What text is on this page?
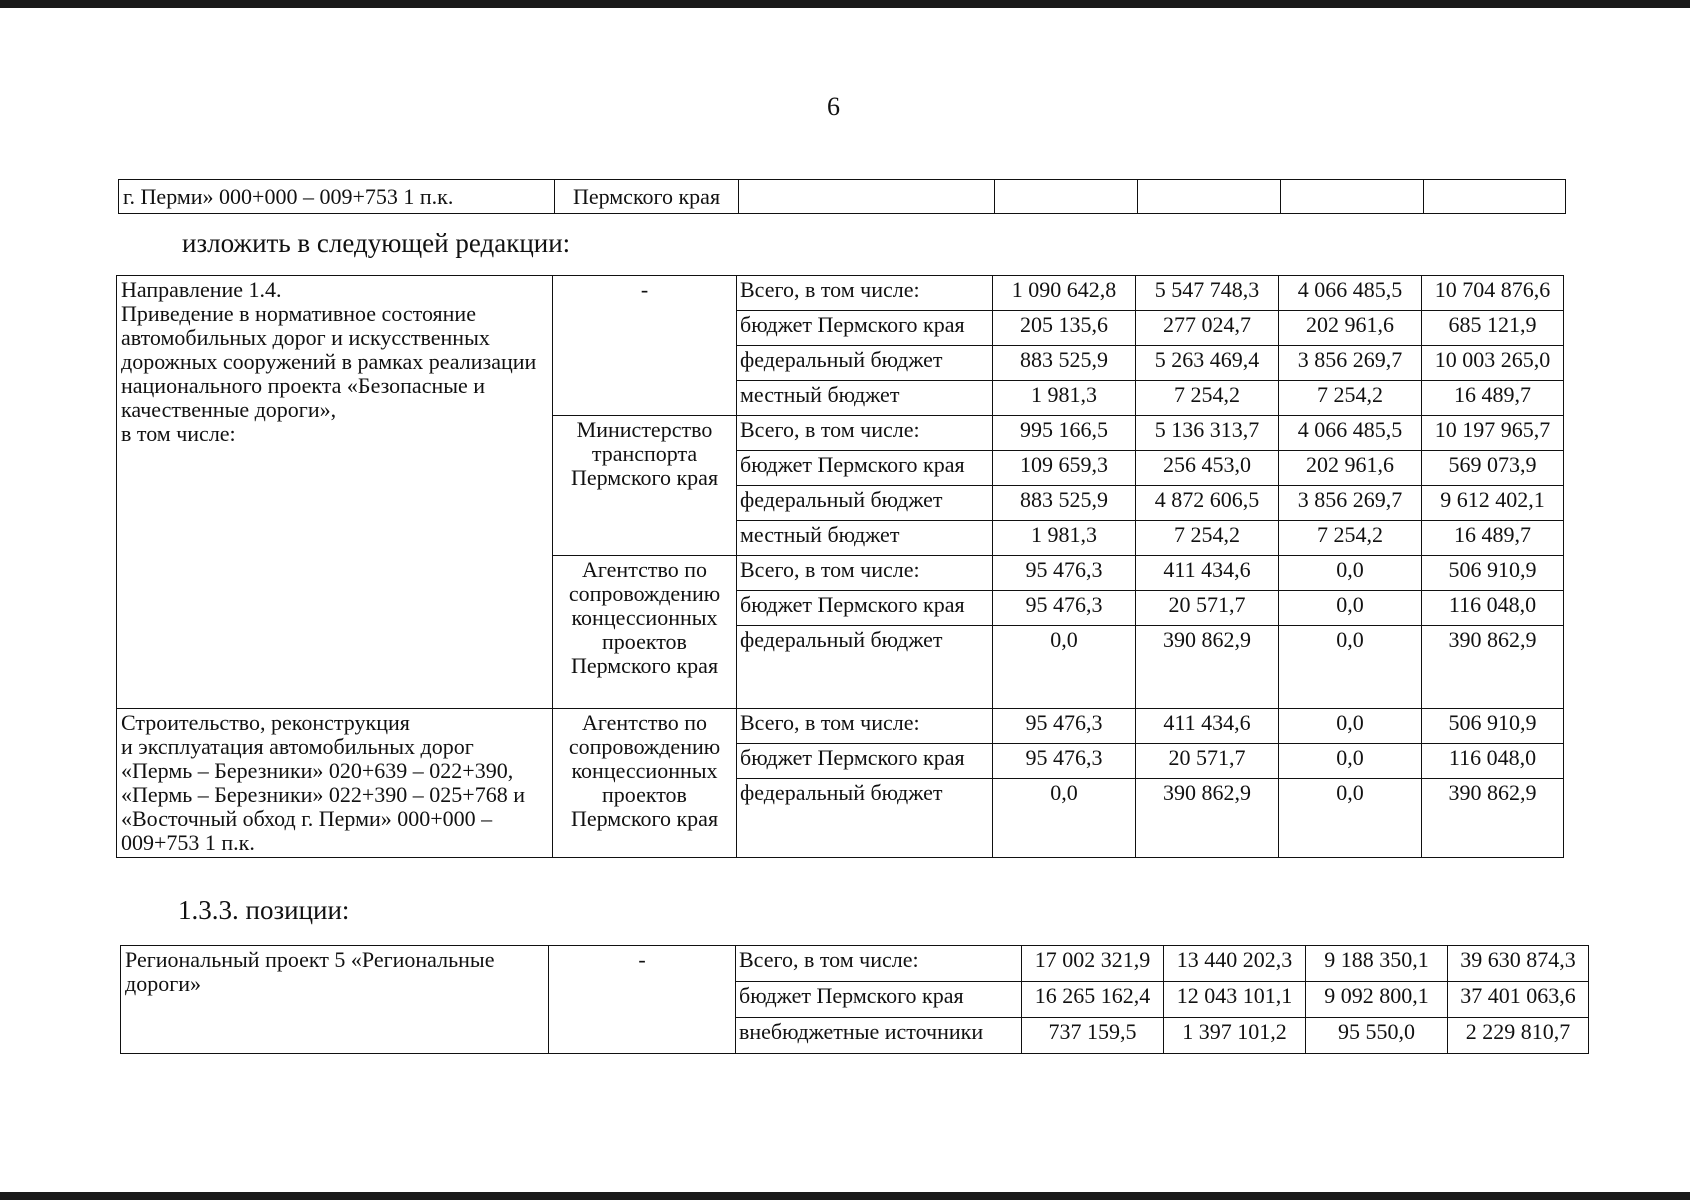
6
г. Перми» 000+000 – 009+753 1 п.к.	Пермского края					
изложить в следующей редакции:
Направление 1.4.
Приведение в нормативное состояние автомобильных дорог и искусственных дорожных сооружений в рамках реализации национального проекта «Безопасные и качественные дороги»,
в том числе:	-	Всего, в том числе:	1 090 642,8	5 547 748,3	4 066 485,5	10 704 876,6
		бюджет Пермского края	205 135,6	277 024,7	202 961,6	685 121,9
		федеральный бюджет	883 525,9	5 263 469,4	3 856 269,7	10 003 265,0
		местный бюджет	1 981,3	7 254,2	7 254,2	16 489,7
	Министерство транспорта Пермского края	Всего, в том числе:	995 166,5	5 136 313,7	4 066 485,5	10 197 965,7
		бюджет Пермского края	109 659,3	256 453,0	202 961,6	569 073,9
		федеральный бюджет	883 525,9	4 872 606,5	3 856 269,7	9 612 402,1
		местный бюджет	1 981,3	7 254,2	7 254,2	16 489,7
	Агентство по сопровождению концессионных проектов Пермского края	Всего, в том числе:	95 476,3	411 434,6	0,0	506 910,9
		бюджет Пермского края	95 476,3	20 571,7	0,0	116 048,0
		федеральный бюджет	0,0	390 862,9	0,0	390 862,9
Строительство, реконструкция
и эксплуатация автомобильных дорог «Пермь – Березники» 020+639 – 022+390, «Пермь – Березники» 022+390 – 025+768 и «Восточный обход г. Перми» 000+000 – 009+753 1 п.к.	Агентство по сопровождению концессионных проектов Пермского края	Всего, в том числе:	95 476,3	411 434,6	0,0	506 910,9
		бюджет Пермского края	95 476,3	20 571,7	0,0	116 048,0
		федеральный бюджет	0,0	390 862,9	0,0	390 862,9
1.3.3. позиции:
Региональный проект 5 «Региональные дороги»	-	Всего, в том числе:	17 002 321,9	13 440 202,3	9 188 350,1	39 630 874,3
		бюджет Пермского края	16 265 162,4	12 043 101,1	9 092 800,1	37 401 063,6
		внебюджетные источники	737 159,5	1 397 101,2	95 550,0	2 229 810,7
